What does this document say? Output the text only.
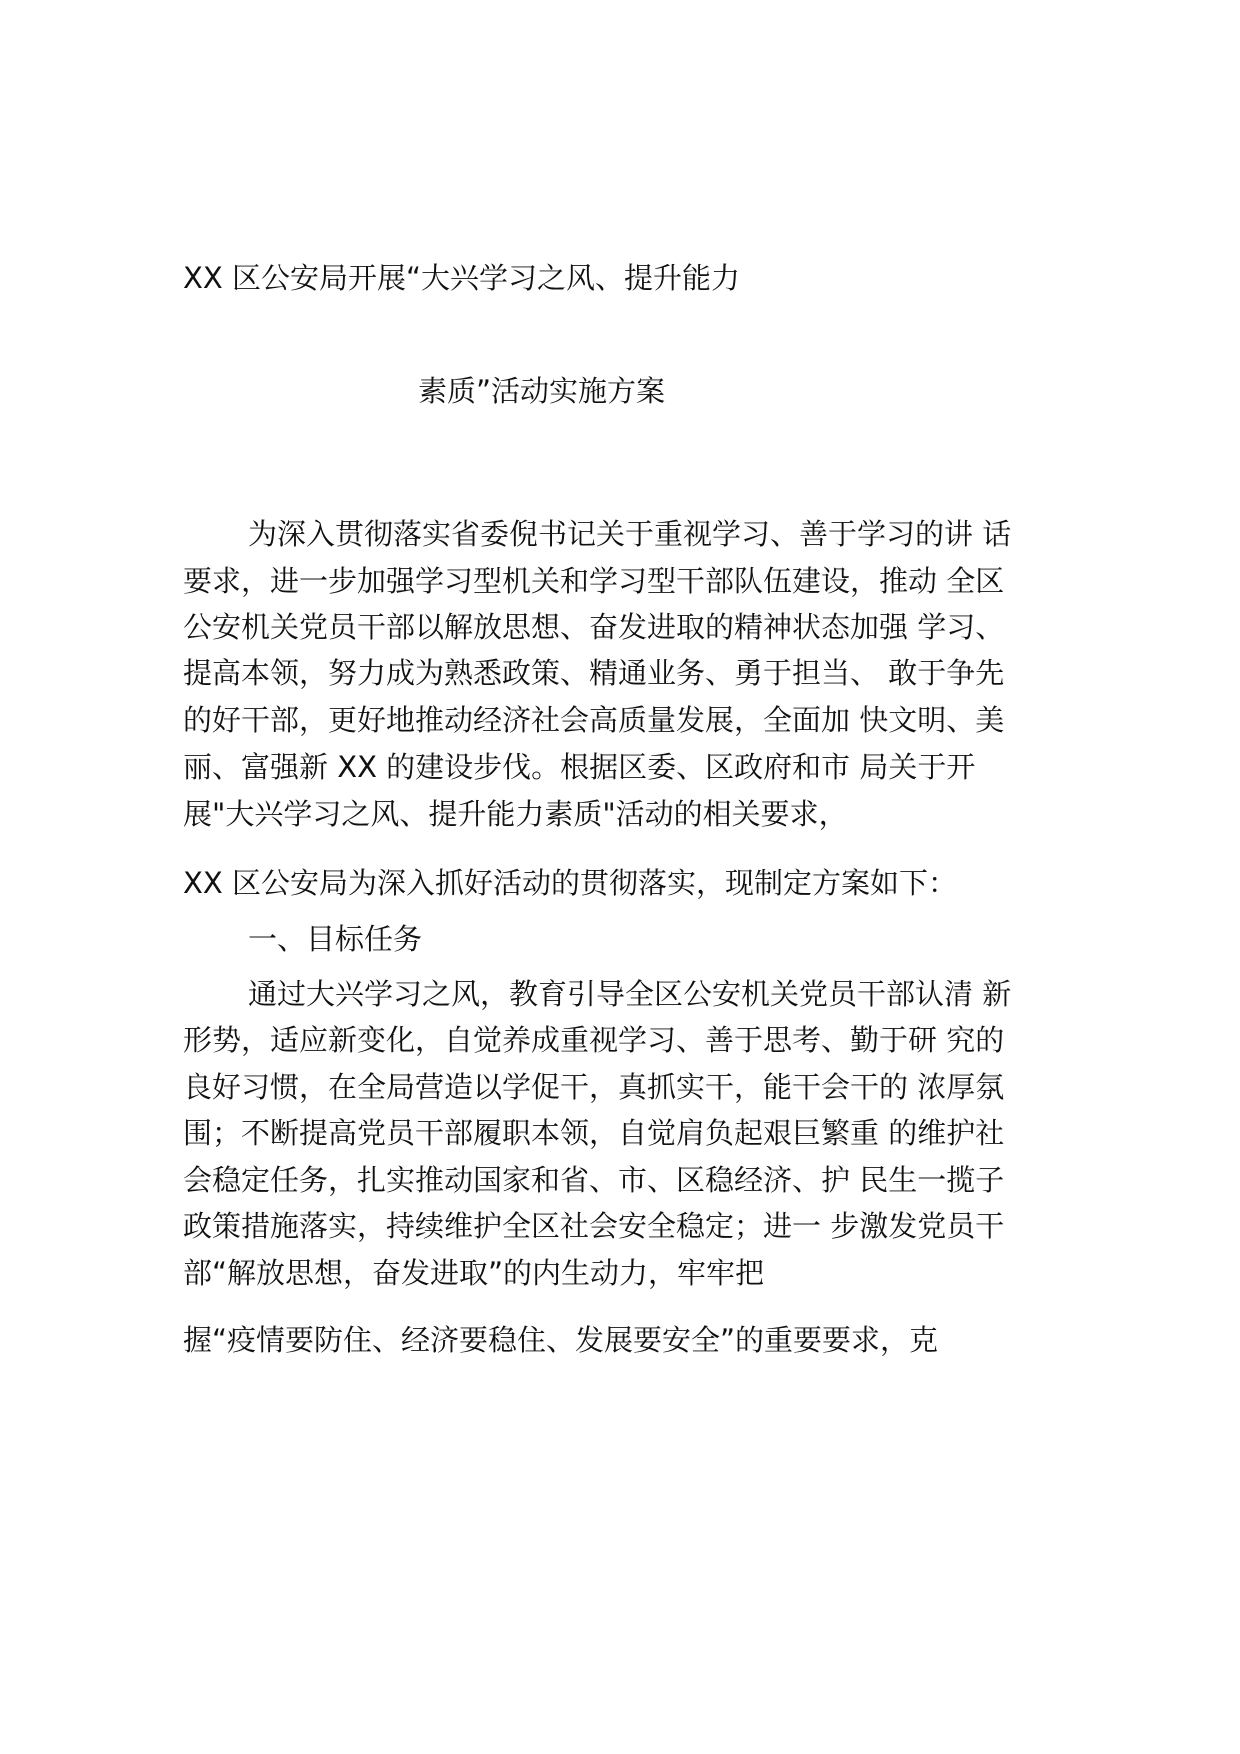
XX 区公安局开展“大兴学习之风、提升能力
素质”活动实施方案
为深入贯彻落实省委倪书记关于重视学习、善于学习的讲 话
要求，进一步加强学习型机关和学习型干部队伍建设，推动 全区
公安机关党员干部以解放思想、奋发进取的精神状态加强 学习、
提高本领，努力成为熟悉政策、精通业务、勇于担当、 敢于争先
的好干部，更好地推动经济社会高质量发展，全面加 快文明、美
丽、富强新 XX 的建设步伐。根据区委、区政府和市 局关于开
展"大兴学习之风、提升能力素质"活动的相关要求，
XX 区公安局为深入抓好活动的贯彻落实，现制定方案如下：
一、目标任务
通过大兴学习之风，教育引导全区公安机关党员干部认清 新
形势，适应新变化，自觉养成重视学习、善于思考、勤于研 究的
良好习惯，在全局营造以学促干，真抓实干，能干会干的 浓厚氛
围；不断提高党员干部履职本领，自觉肩负起艰巨繁重 的维护社
会稳定任务，扎实推动国家和省、市、区稳经济、护 民生一揽子
政策措施落实，持续维护全区社会安全稳定；进一 步激发党员干
部“解放思想，奋发进取”的内生动力，牢牢把
握“疫情要防住、经济要稳住、发展要安全”的重要要求，克
